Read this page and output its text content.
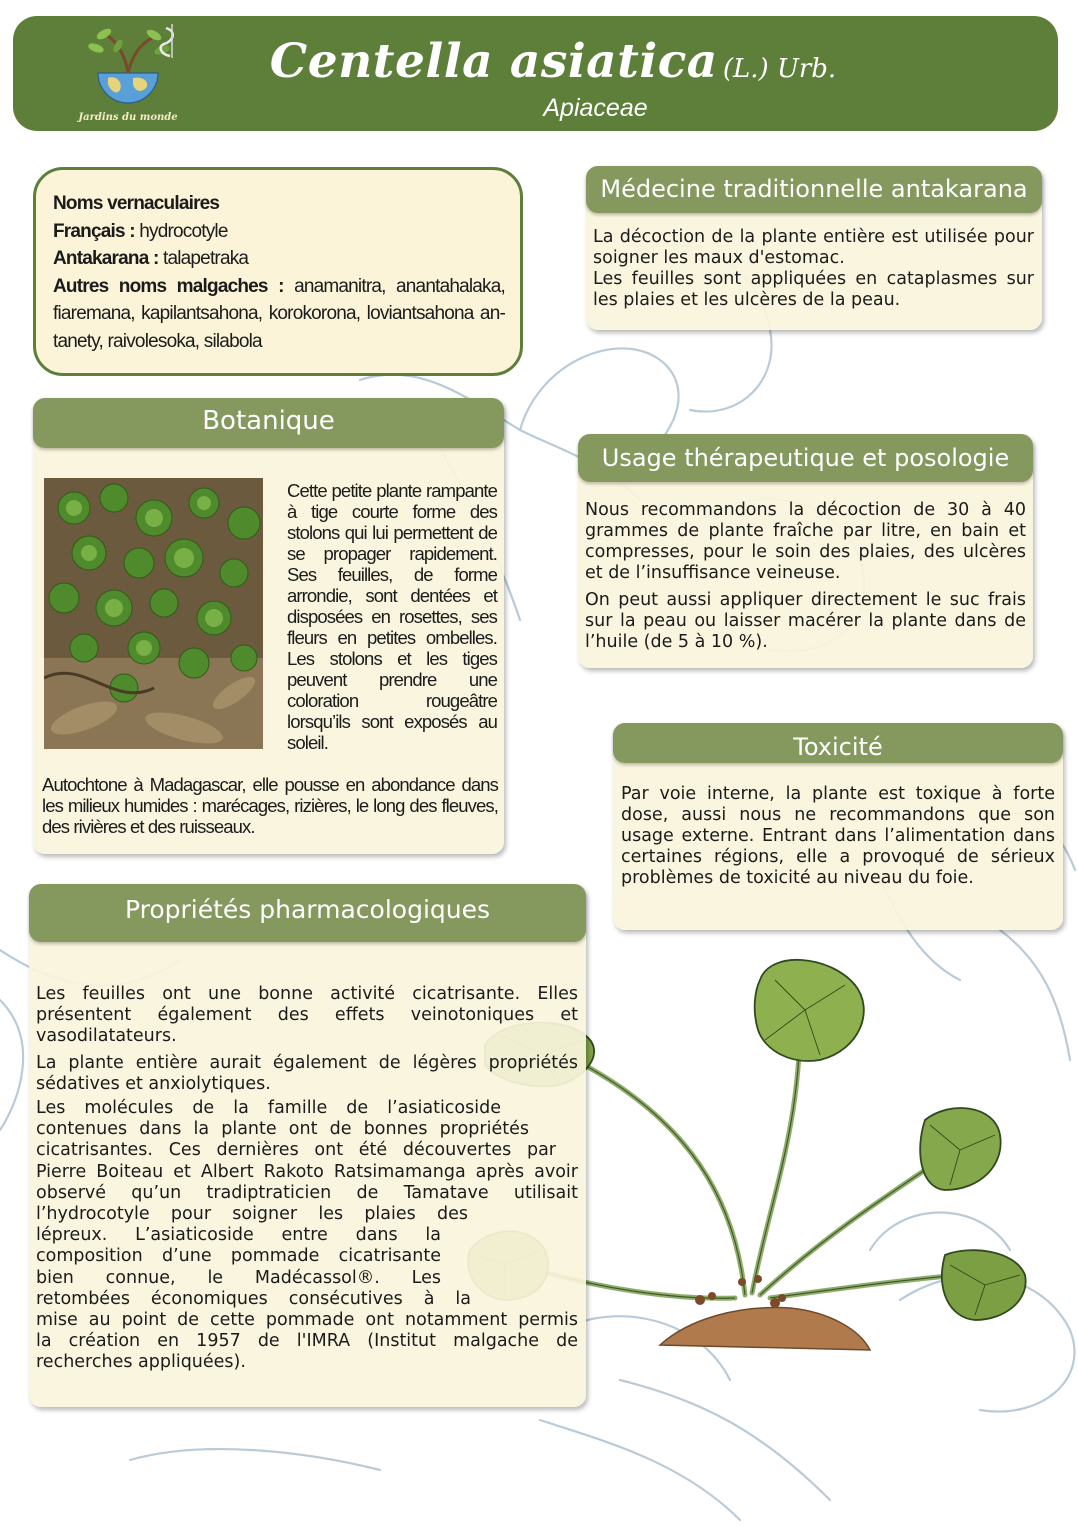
Jardins du monde
Centella asiatica (L.) Urb.
Apiaceae
Noms vernaculaires
Français : hydrocotyle
Antakarana : talapetraka
Autres noms malgaches : anamanitra, anantahalaka, fiaremana, kapilantsahona, korokorona, loviantsahona an-tanety, raivolesoka, silabola
Botanique

Cette petite plante rampante à tige courte forme des stolons qui lui permettent de se propager rapidement. Ses feuilles, de forme arrondie, sont dentées et disposées en rosettes, ses fleurs en petites ombelles. Les stolons et les tiges peuvent prendre une coloration rougeâtre lorsqu’ils sont exposés au soleil.

Autochtone à Madagascar, elle pousse en abondance dans les milieux humides : marécages, rizières, le long des fleuves, des rivières et des ruisseaux.

Médecine traditionnelle antakarana

La décoction de la plante entière est utilisée pour soigner les maux d'estomac.

Les feuilles sont appliquées en cataplasmes sur les plaies et les ulcères de la peau.

Usage thérapeutique et posologie

Nous recommandons la décoction de 30 à 40 grammes de plante fraîche par litre, en bain et compresses, pour le soin des plaies, des ulcères et de l’insuffisance veineuse.

On peut aussi appliquer directement le suc frais sur la peau ou laisser macérer la plante dans de l’huile (de 5 à 10 %).

Toxicité

Par voie interne, la plante est toxique à forte dose, aussi nous ne recommandons que son usage externe. Entrant dans l’alimentation dans certaines régions, elle a provoqué de sérieux problèmes de toxicité au niveau du foie.

Propriétés pharmacologiques

Les feuilles ont une bonne activité cicatrisante. Elles présentent également des effets veinotoniques et vasodilatateurs.

La plante entière aurait également de légères propriétés sédatives et anxiolytiques.

Les molécules de la famille de l’asiaticoside
contenues dans la plante ont de bonnes propriétés
cicatrisantes. Ces dernières ont été découvertes par
Pierre Boiteau et Albert Rakoto Ratsimamanga après avoir
observé qu’un tradiptraticien de Tamatave utilisait
l’hydrocotyle pour soigner les plaies des
lépreux. L’asiaticoside entre dans la
composition d’une pommade cicatrisante
bien connue, le Madécassol®. Les
retombées économiques consécutives à la
mise au point de cette pommade ont notamment permis
la création en 1957 de l'IMRA (Institut malgache de
recherches appliquées).
